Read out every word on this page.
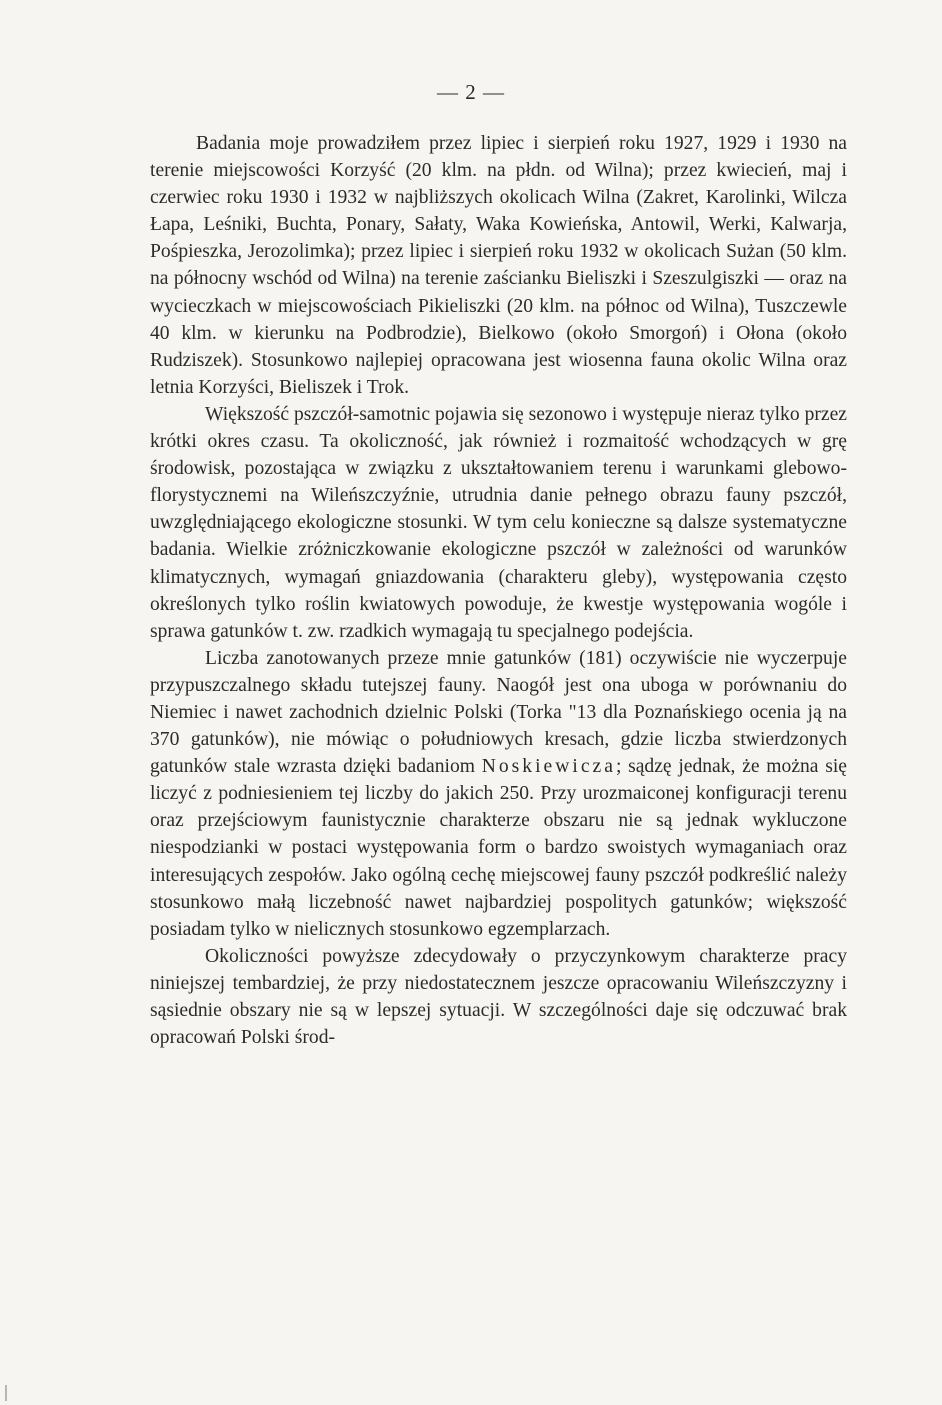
— 2 —

Badania moje prowadziłem przez lipiec i sierpień roku 1927, 1929 i 1930 na terenie miejscowości Korzyść (20 klm. na płdn. od Wilna); przez kwiecień, maj i czerwiec roku 1930 i 1932 w najbliższych okolicach Wilna (Zakret, Karolinki, Wilcza Łapa, Leśniki, Buchta, Ponary, Sałaty, Waka Kowieńska, Antowil, Werki, Kalwarja, Pośpieszka, Jerozolimka); przez lipiec i sierpień roku 1932 w okolicach Sużan (50 klm. na północny wschód od Wilna) na terenie zaścianku Bieliszki i Szeszulgiszki — oraz na wycieczkach w miejscowościach Pikieliszki (20 klm. na północ od Wilna), Tuszczewle 40 klm. w kierunku na Podbrodzie), Bielkowo (około Smorgoń) i Ołona (około Rudziszek). Stosunkowo najlepiej opracowana jest wiosenna fauna okolic Wilna oraz letnia Korzyści, Bieliszek i Trok.

Większość pszczół-samotnic pojawia się sezonowo i występuje nieraz tylko przez krótki okres czasu. Ta okoliczność, jak również i rozmaitość wchodzących w grę środowisk, pozostająca w związku z ukształtowaniem terenu i warunkami glebowo-florystycznemi na Wileńszczyźnie, utrudnia danie pełnego obrazu fauny pszczół, uwzględniającego ekologiczne stosunki. W tym celu konieczne są dalsze systematyczne badania. Wielkie zróżniczkowanie ekologiczne pszczół w zależności od warunków klimatycznych, wymagań gniazdowania (charakteru gleby), występowania często określonych tylko roślin kwiatowych powoduje, że kwestje występowania wogóle i sprawa gatunków t. zw. rzadkich wymagają tu specjalnego podejścia.

Liczba zanotowanych przeze mnie gatunków (181) oczywiście nie wyczerpuje przypuszczalnego składu tutejszej fauny. Naogół jest ona uboga w porównaniu do Niemiec i nawet zachodnich dzielnic Polski (Torka "13 dla Poznańskiego ocenia ją na 370 gatunków), nie mówiąc o południowych kresach, gdzie liczba stwierdzonych gatunków stale wzrasta dzięki badaniom Noskiewicza; sądzę jednak, że można się liczyć z podniesieniem tej liczby do jakich 250. Przy urozmaiconej konfiguracji terenu oraz przejściowym faunistycznie charakterze obszaru nie są jednak wykluczone niespodzianki w postaci występowania form o bardzo swoistych wymaganiach oraz interesujących zespołów. Jako ogólną cechę miejscowej fauny pszczół podkreślić należy stosunkowo małą liczebność nawet najbardziej pospolitych gatunków; większość posiadam tylko w nielicznych stosunkowo egzemplarzach.

Okoliczności powyższe zdecydowały o przyczynkowym charakterze pracy niniejszej tembardziej, że przy niedostatecznem jeszcze opracowaniu Wileńszczyzny i sąsiednie obszary nie są w lepszej sytuacji. W szczególności daje się odczuwać brak opracowań Polski środ-
